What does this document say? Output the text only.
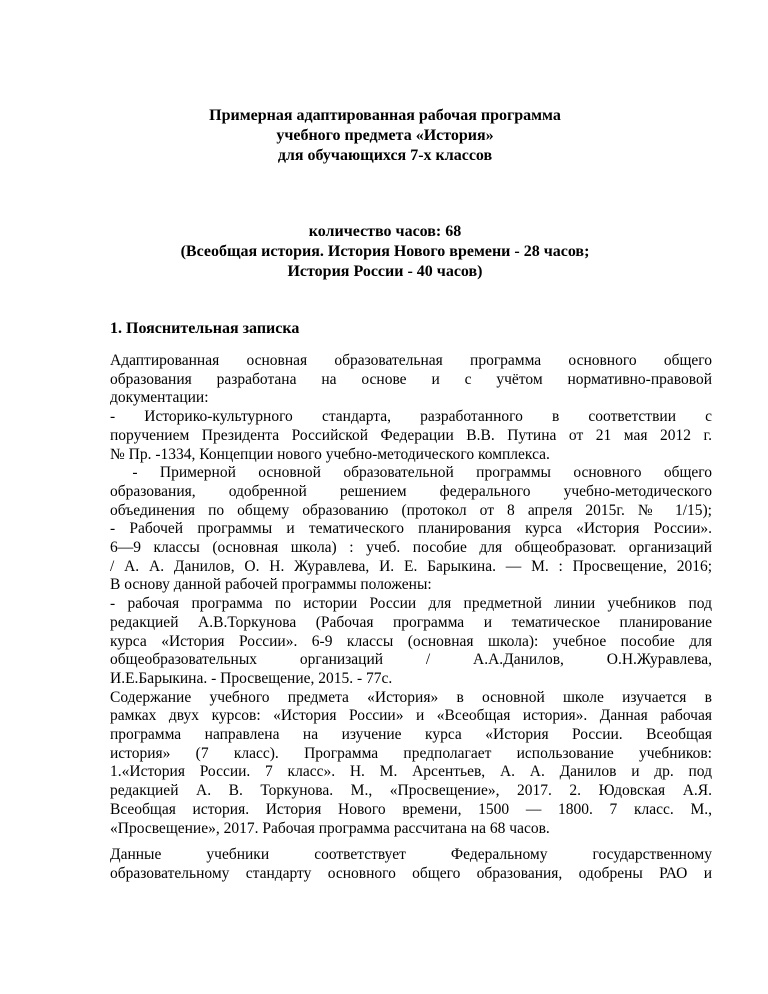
Примерная адаптированная рабочая программа
учебного предмета «История»
для обучающихся 7-х классов
количество часов: 68
(Всеобщая история. История Нового времени - 28 часов;
История России - 40 часов)
1. Пояснительная записка

Адаптированная основная образовательная программа основного общего
образования разработана на основе и с учётом нормативно-правовой
документации:
- Историко-культурного стандарта, разработанного в соответствии с
поручением Президента Российской Федерации В.В. Путина от 21 мая 2012 г.
№ Пр. -1334, Концепции нового учебно-методического комплекса.
- Примерной основной образовательной программы основного общего
образования, одобренной решением федерального учебно-методического
объединения по общему образованию (протокол от 8 апреля 2015г. № 1/15);
- Рабочей программы и тематического планирования курса «История России».
6—9 классы (основная школа) : учеб. пособие для общеобразоват. организаций
/ А. А. Данилов, О. Н. Журавлева, И. Е. Барыкина. — М. : Просвещение, 2016;
В основу данной рабочей программы положены:
- рабочая программа по истории России для предметной линии учебников под
редакцией А.В.Торкунова (Рабочая программа и тематическое планирование
курса «История России». 6-9 классы (основная школа): учебное пособие для
общеобразовательных организаций / А.А.Данилов, О.Н.Журавлева,
И.Е.Барыкина. - Просвещение, 2015. - 77с.
Содержание учебного предмета «История» в основной школе изучается в
рамках двух курсов: «История России» и «Всеобщая история». Данная рабочая
программа направлена на изучение курса «История России. Всеобщая
история» (7 класс). Программа предполагает использование учебников:
1.«История России. 7 класс». Н. М. Арсентьев, А. А. Данилов и др. под
редакцией А. В. Торкунова. М., «Просвещение», 2017. 2. Юдовская А.Я.
Всеобщая история. История Нового времени, 1500 — 1800. 7 класс. М.,
«Просвещение», 2017. Рабочая программа рассчитана на 68 часов.

Данные учебники соответствует Федеральному государственному
образовательному стандарту основного общего образования, одобрены РАО и
